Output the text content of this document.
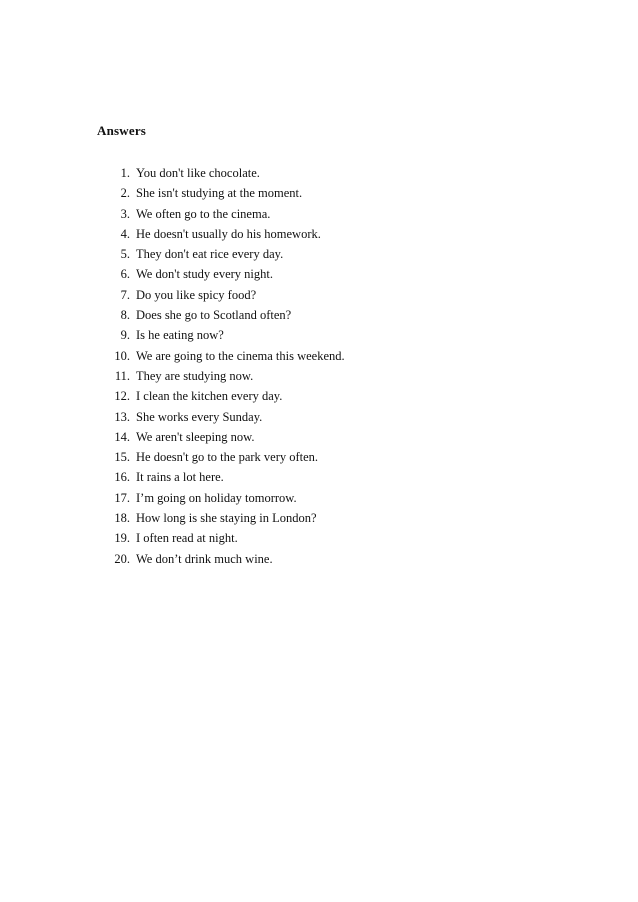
Answers
1. You don't like chocolate.
2. She isn't studying at the moment.
3. We often go to the cinema.
4. He doesn't usually do his homework.
5. They don't eat rice every day.
6. We don't study every night.
7. Do you like spicy food?
8. Does she go to Scotland often?
9. Is he eating now?
10. We are going to the cinema this weekend.
11. They are studying now.
12. I clean the kitchen every day.
13. She works every Sunday.
14. We aren't sleeping now.
15. He doesn't go to the park very often.
16. It rains a lot here.
17. I’m going on holiday tomorrow.
18. How long is she staying in London?
19. I often read at night.
20. We don’t drink much wine.
